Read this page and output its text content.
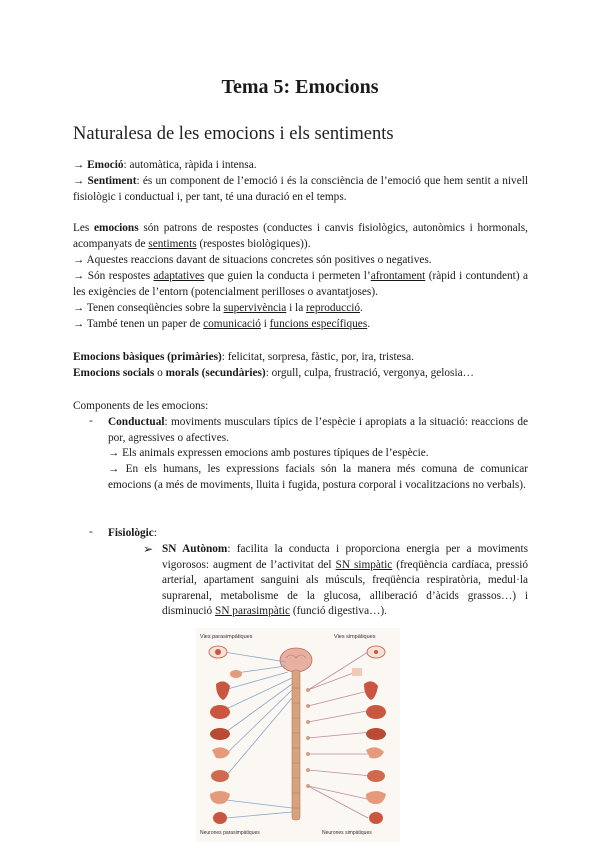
Tema 5: Emocions
Naturalesa de les emocions i els sentiments
→ Emoció: automàtica, ràpida i intensa.
→ Sentiment: és un component de l’emoció i és la consciència de l’emoció que hem sentit a nivell fisiològic i conductual i, per tant, té una duració en el temps.
Les emocions són patrons de respostes (conductes i canvis fisiològics, autonòmics i hormonals, acompanyats de sentiments (respostes biològiques)).
→ Aquestes reaccions davant de situacions concretes són positives o negatives.
→ Són respostes adaptatives que guien la conducta i permeten l’afrontament (ràpid i contundent) a les exigències de l’entorn (potencialment perilloses o avantatjoses).
→ Tenen conseqüències sobre la supervivència i la reproducció.
→ També tenen un paper de comunicació i funcions específiques.
Emocions bàsiques (primàries): felicitat, sorpresa, fàstic, por, ira, tristesa.
Emocions socials o morals (secundàries): orgull, culpa, frustració, vergonya, gelosia…
Components de les emocions:
- Conductual: moviments musculars típics de l’espècie i apropiats a la situació: reaccions de por, agressives o afectives.
→ Els animals expressen emocions amb postures típiques de l’espècie.
→ En els humans, les expressions facials són la manera més comuna de comunicar emocions (a més de moviments, lluita i fugida, postura corporal i vocalitzacions no verbals).
- Fisiològic:
➢ SN Autònom: facilita la conducta i proporciona energia per a moviments vigorosos: augment de l’activitat del SN simpàtic (freqüència cardíaca, pressió arterial, apartament sanguini als músculs, freqüència respiratòria, medul·la suprarenal, metabolisme de la glucosa, alliberació d’àcids grassos…) i disminució SN parasimpàtic (funció digestiva…).
Vies parasimpàtiques	Vies simpàtiques
Neurones parasimpàtiques	Neurones simpàtiques
